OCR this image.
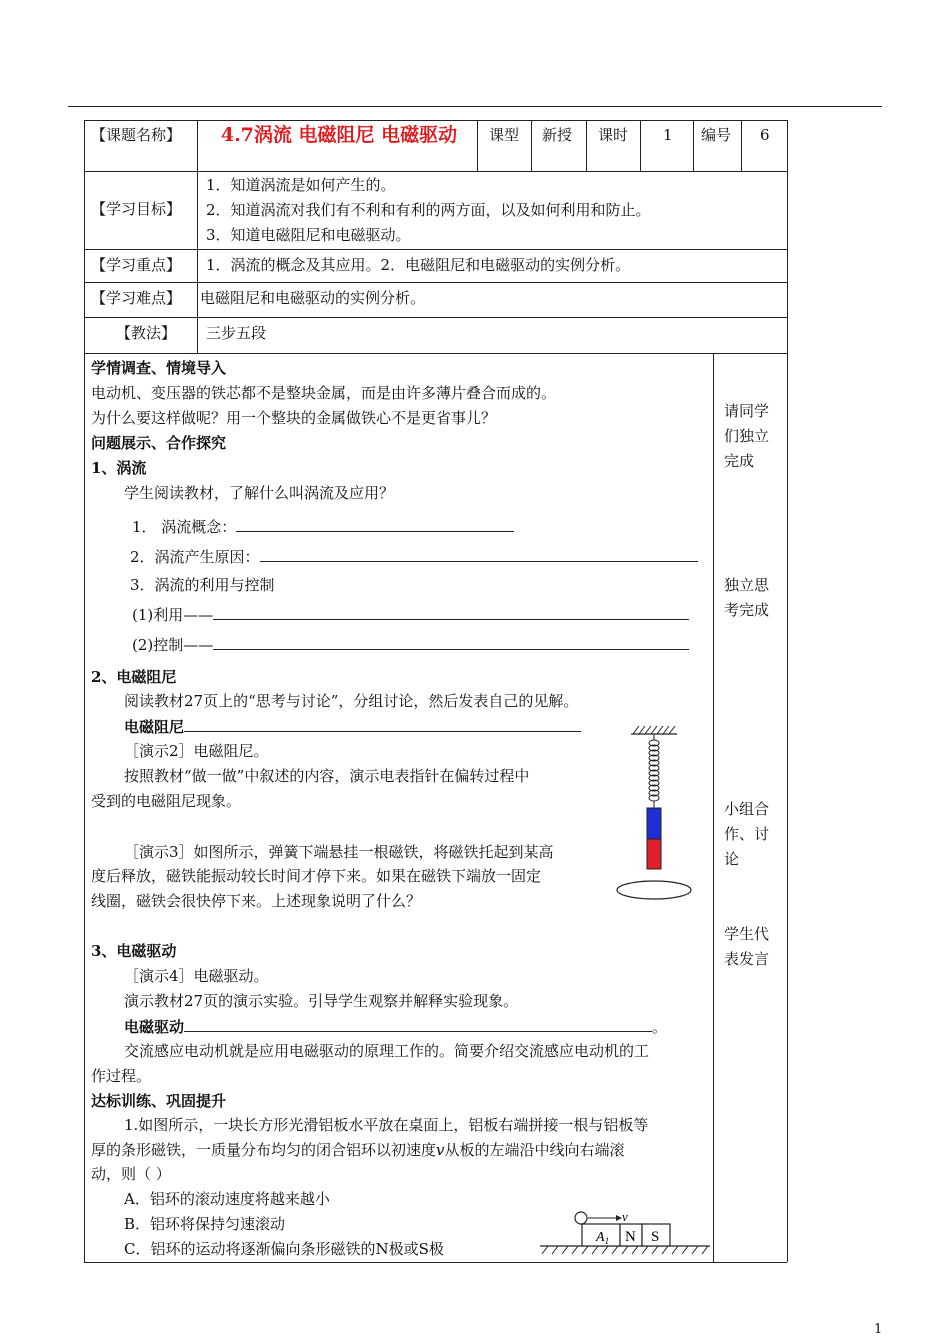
【课题名称】	4.7涡流 电磁阻尼 电磁驱动	课型 新授 课时 1 编号 6
【学习目标】
1．知道涡流是如何产生的。
2．知道涡流对我们有不利和有利的两方面，以及如何利用和防止。
3．知道电磁阻尼和电磁驱动。
【学习重点】 1．涡流的概念及其应用。2．电磁阻尼和电磁驱动的实例分析。
【学习难点】 电磁阻尼和电磁驱动的实例分析。
【教法】 三步五段
学情调查、情境导入
电动机、变压器的铁芯都不是整块金属，而是由许多薄片叠合而成的。
为什么要这样做呢？用一个整块的金属做铁心不是更省事儿？
问题展示、合作探究
1、涡流
学生阅读教材，了解什么叫涡流及应用？
1． 涡流概念：
2．涡流产生原因：
3．涡流的利用与控制
(1)利用——
(2)控制——
2、电磁阻尼
阅读教材27页上的“思考与讨论”，分组讨论，然后发表自己的见解。
电磁阻尼
［演示2］电磁阻尼。
按照教材“做一做”中叙述的内容，演示电表指针在偏转过程中
受到的电磁阻尼现象。
［演示3］如图所示，弹簧下端悬挂一根磁铁，将磁铁托起到某高
度后释放，磁铁能振动较长时间才停下来。如果在磁铁下端放一固定
线圈，磁铁会很快停下来。上述现象说明了什么？
3、电磁驱动
［演示4］电磁驱动。
演示教材27页的演示实验。引导学生观察并解释实验现象。
电磁驱动	。
交流感应电动机就是应用电磁驱动的原理工作的。简要介绍交流感应电动机的工
作过程。
达标训练、巩固提升
1.如图所示，一块长方形光滑铝板水平放在桌面上，铝板右端拼接一根与铝板等
厚的条形磁铁，一质量分布均匀的闭合铝环以初速度v从板的左端沿中线向右端滚
动，则（ ）
A．铝环的滚动速度将越来越小
B．铝环将保持匀速滚动
C．铝环的运动将逐渐偏向条形磁铁的N极或S极
请同学
们独立
完成
独立思
考完成
小组合
作、讨
论
学生代
表发言
$A_1$ N S
v
1
